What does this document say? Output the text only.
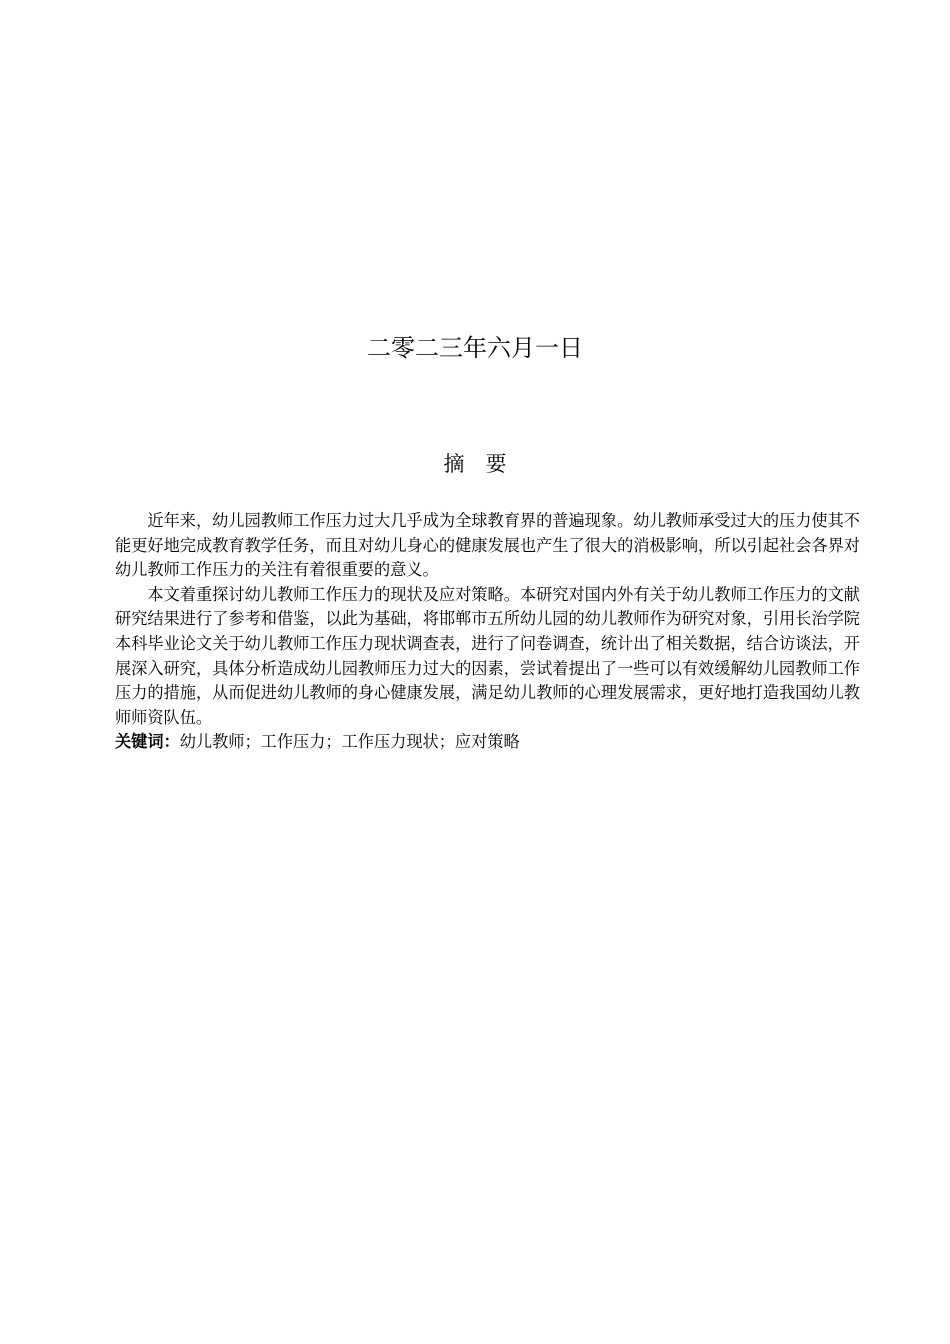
二零二三年六月一日
摘　要

近年来，幼儿园教师工作压力过大几乎成为全球教育界的普遍现象。幼儿教师承受过大的压力使其不能更好地完成教育教学任务，而且对幼儿身心的健康发展也产生了很大的消极影响，所以引起社会各界对幼儿教师工作压力的关注有着很重要的意义。

本文着重探讨幼儿教师工作压力的现状及应对策略。本研究对国内外有关于幼儿教师工作压力的文献研究结果进行了参考和借鉴，以此为基础，将邯郸市五所幼儿园的幼儿教师作为研究对象，引用长治学院本科毕业论文关于幼儿教师工作压力现状调查表，进行了问卷调查，统计出了相关数据，结合访谈法，开展深入研究，具体分析造成幼儿园教师压力过大的因素，尝试着提出了一些可以有效缓解幼儿园教师工作压力的措施，从而促进幼儿教师的身心健康发展，满足幼儿教师的心理发展需求，更好地打造我国幼儿教师师资队伍。

关键词：幼儿教师；工作压力；工作压力现状；应对策略
